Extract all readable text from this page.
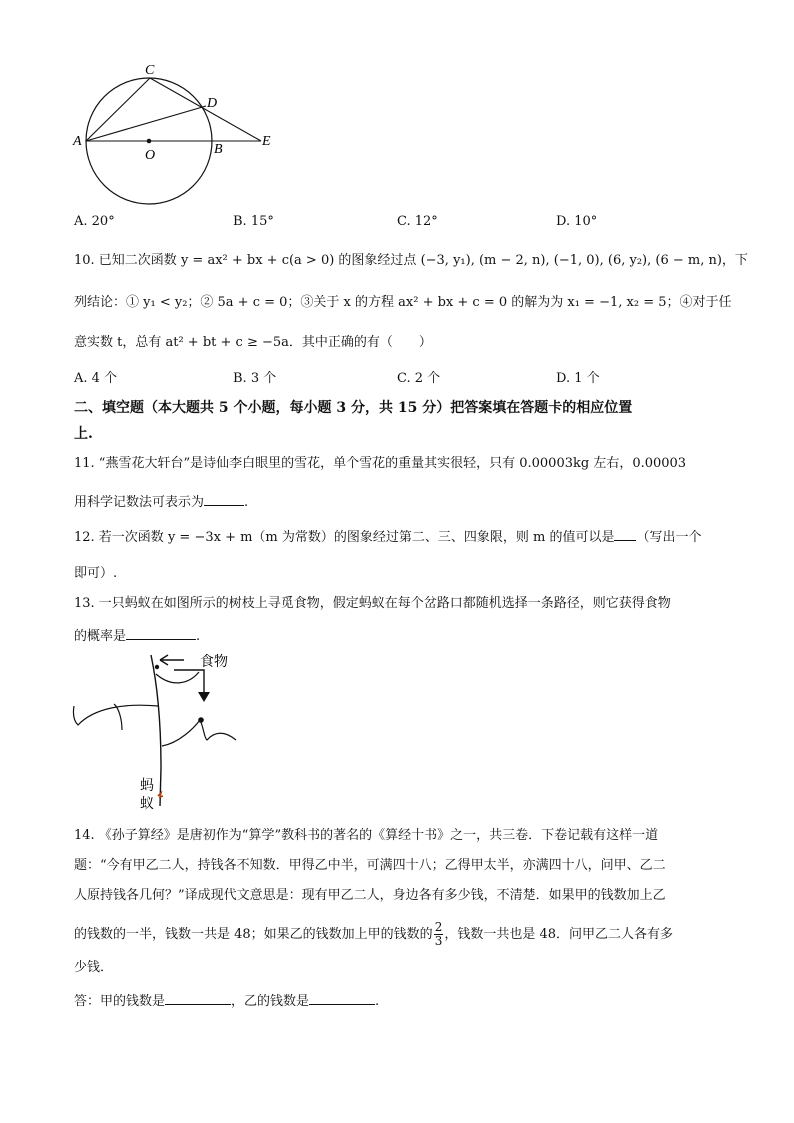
C
D
A
O	B
E
A. 20°	B. 15°	C. 12°	D. 10°
10. 已知二次函数 y = ax² + bx + c(a > 0) 的图象经过点 (−3, y₁), (m − 2, n), (−1, 0), (6, y₂), (6 − m, n)，下
列结论：① y₁ < y₂；② 5a + c = 0；③关于 x 的方程 ax² + bx + c = 0 的解为为 x₁ = −1, x₂ = 5；④对于任
意实数 t，总有 at² + bt + c ≥ −5a．其中正确的有（　　）
A. 4 个	B. 3 个	C. 2 个	D. 1 个
二、填空题（本大题共 5 个小题，每小题 3 分，共 15 分）把答案填在答题卡的相应位置
上.
11. “燕雪花大轩台”是诗仙李白眼里的雪花，单个雪花的重量其实很轻，只有 0.00003kg 左右，0.00003
用科学记数法可表示为	.
12. 若一次函数 y = −3x + m（m 为常数）的图象经过第二、三、四象限，则 m 的值可以是 （写出一个
即可）.
13. 一只蚂蚁在如图所示的树枝上寻觅食物，假定蚂蚁在每个岔路口都随机选择一条路径，则它获得食物
的概率是	.
食物
蚂
蚁
14. 《孙子算经》是唐初作为“算学”教科书的著名的《算经十书》之一，共三卷．下卷记载有这样一道
题：“今有甲乙二人，持钱各不知数．甲得乙中半，可满四十八；乙得甲太半，亦满四十八，问甲、乙二
人原持钱各几何？”译成现代文意思是：现有甲乙二人，身边各有多少钱，不清楚．如果甲的钱数加上乙
的钱数的一半，钱数一共是 48；如果乙的钱数加上甲的钱数的 $\frac{2}{3}$ ，钱数一共也是 48．问甲乙二人各有多
少钱．
答：甲的钱数是	，乙的钱数是	.
